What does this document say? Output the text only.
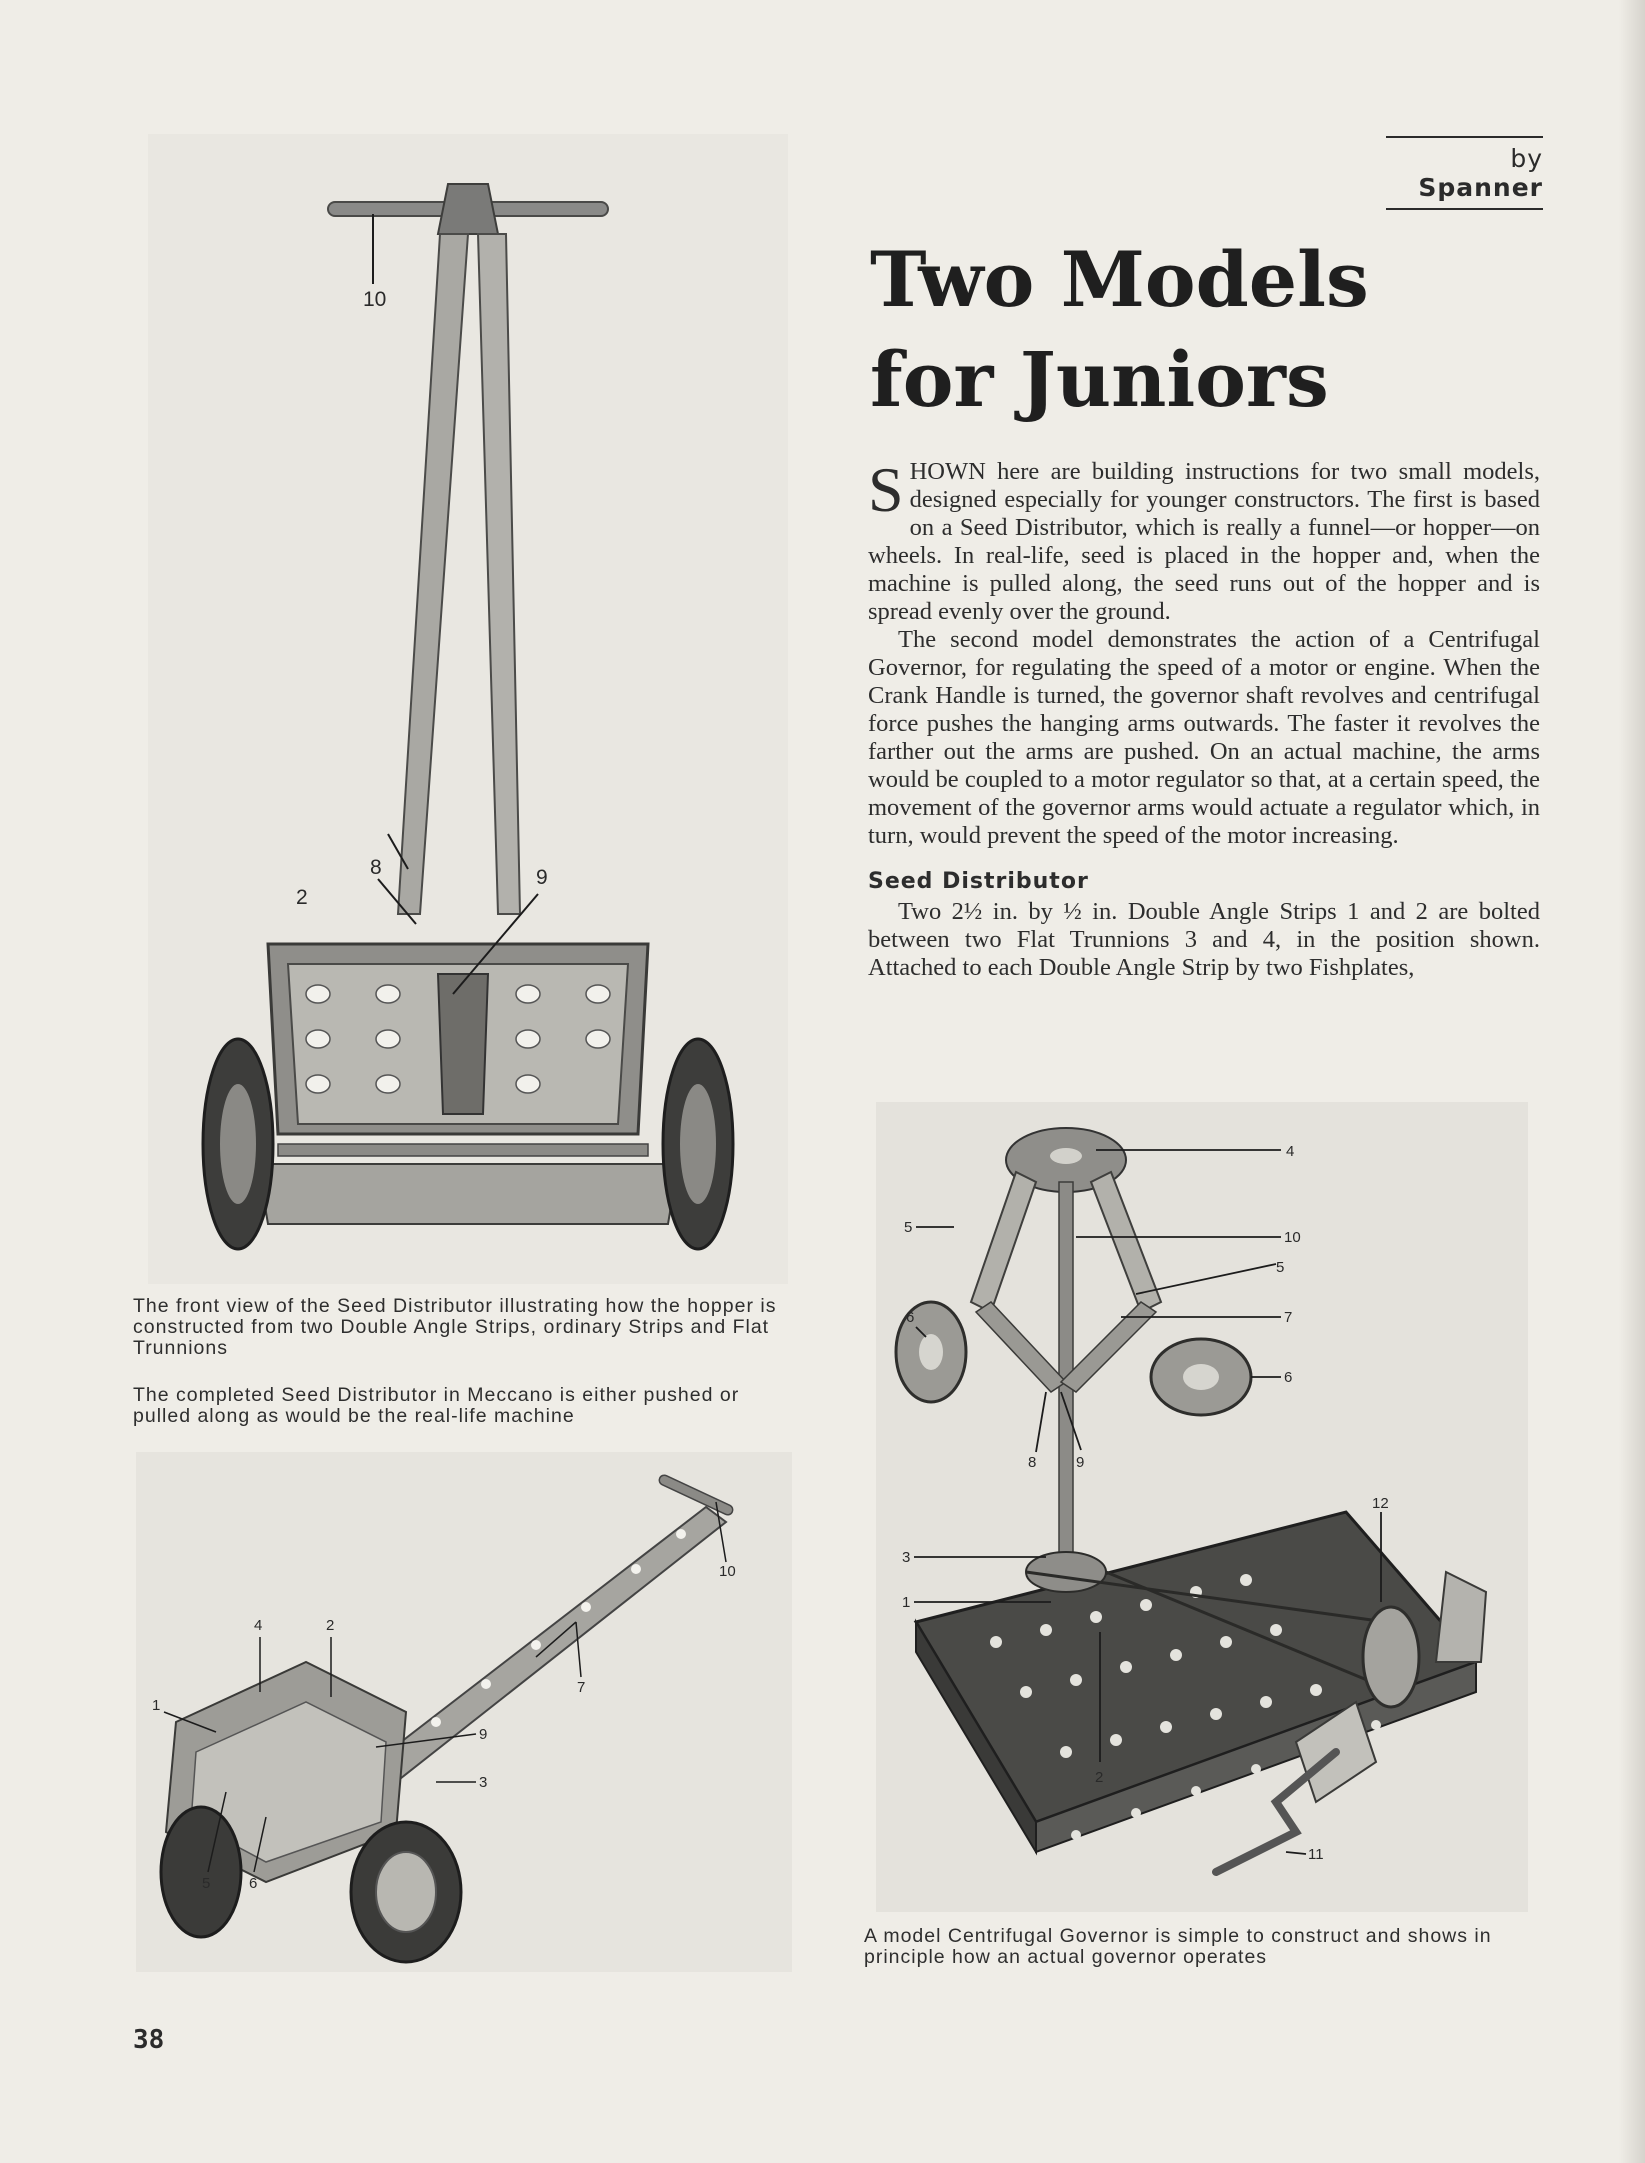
by Spanner
Two Models
for Juniors

SHOWN here are building instructions for two small models, designed especially for younger constructors. The first is based on a Seed Distributor, which is really a funnel—or hopper—on wheels. In real-life, seed is placed in the hopper and, when the machine is pulled along, the seed runs out of the hopper and is spread evenly over the ground.

The second model demonstrates the action of a Centrifugal Governor, for regulating the speed of a motor or engine. When the Crank Handle is turned, the governor shaft revolves and centrifugal force pushes the hanging arms outwards. The faster it revolves the farther out the arms are pushed. On an actual machine, the arms would be coupled to a motor regulator so that, at a certain speed, the movement of the governor arms would actuate a regulator which, in turn, would prevent the speed of the motor increasing.

Seed Distributor

Two 2½ in. by ½ in. Double Angle Strips 1 and 2 are bolted between two Flat Trunnions 3 and 4, in the position shown. Attached to each Double Angle Strip by two Fishplates,

10
8
2
9

The front view of the Seed Distributor illustrating how the hopper is constructed from two Double Angle Strips, ordinary Strips and Flat Trunnions

The completed Seed Distributor in Meccano is either pushed or pulled along as would be the real-life machine

10
4	2
7
1
9
3
5	6
4
5
10
5
6	7
6
8	9
12
3
1
2
11

A model Centrifugal Governor is simple to construct and shows in principle how an actual governor operates

38
